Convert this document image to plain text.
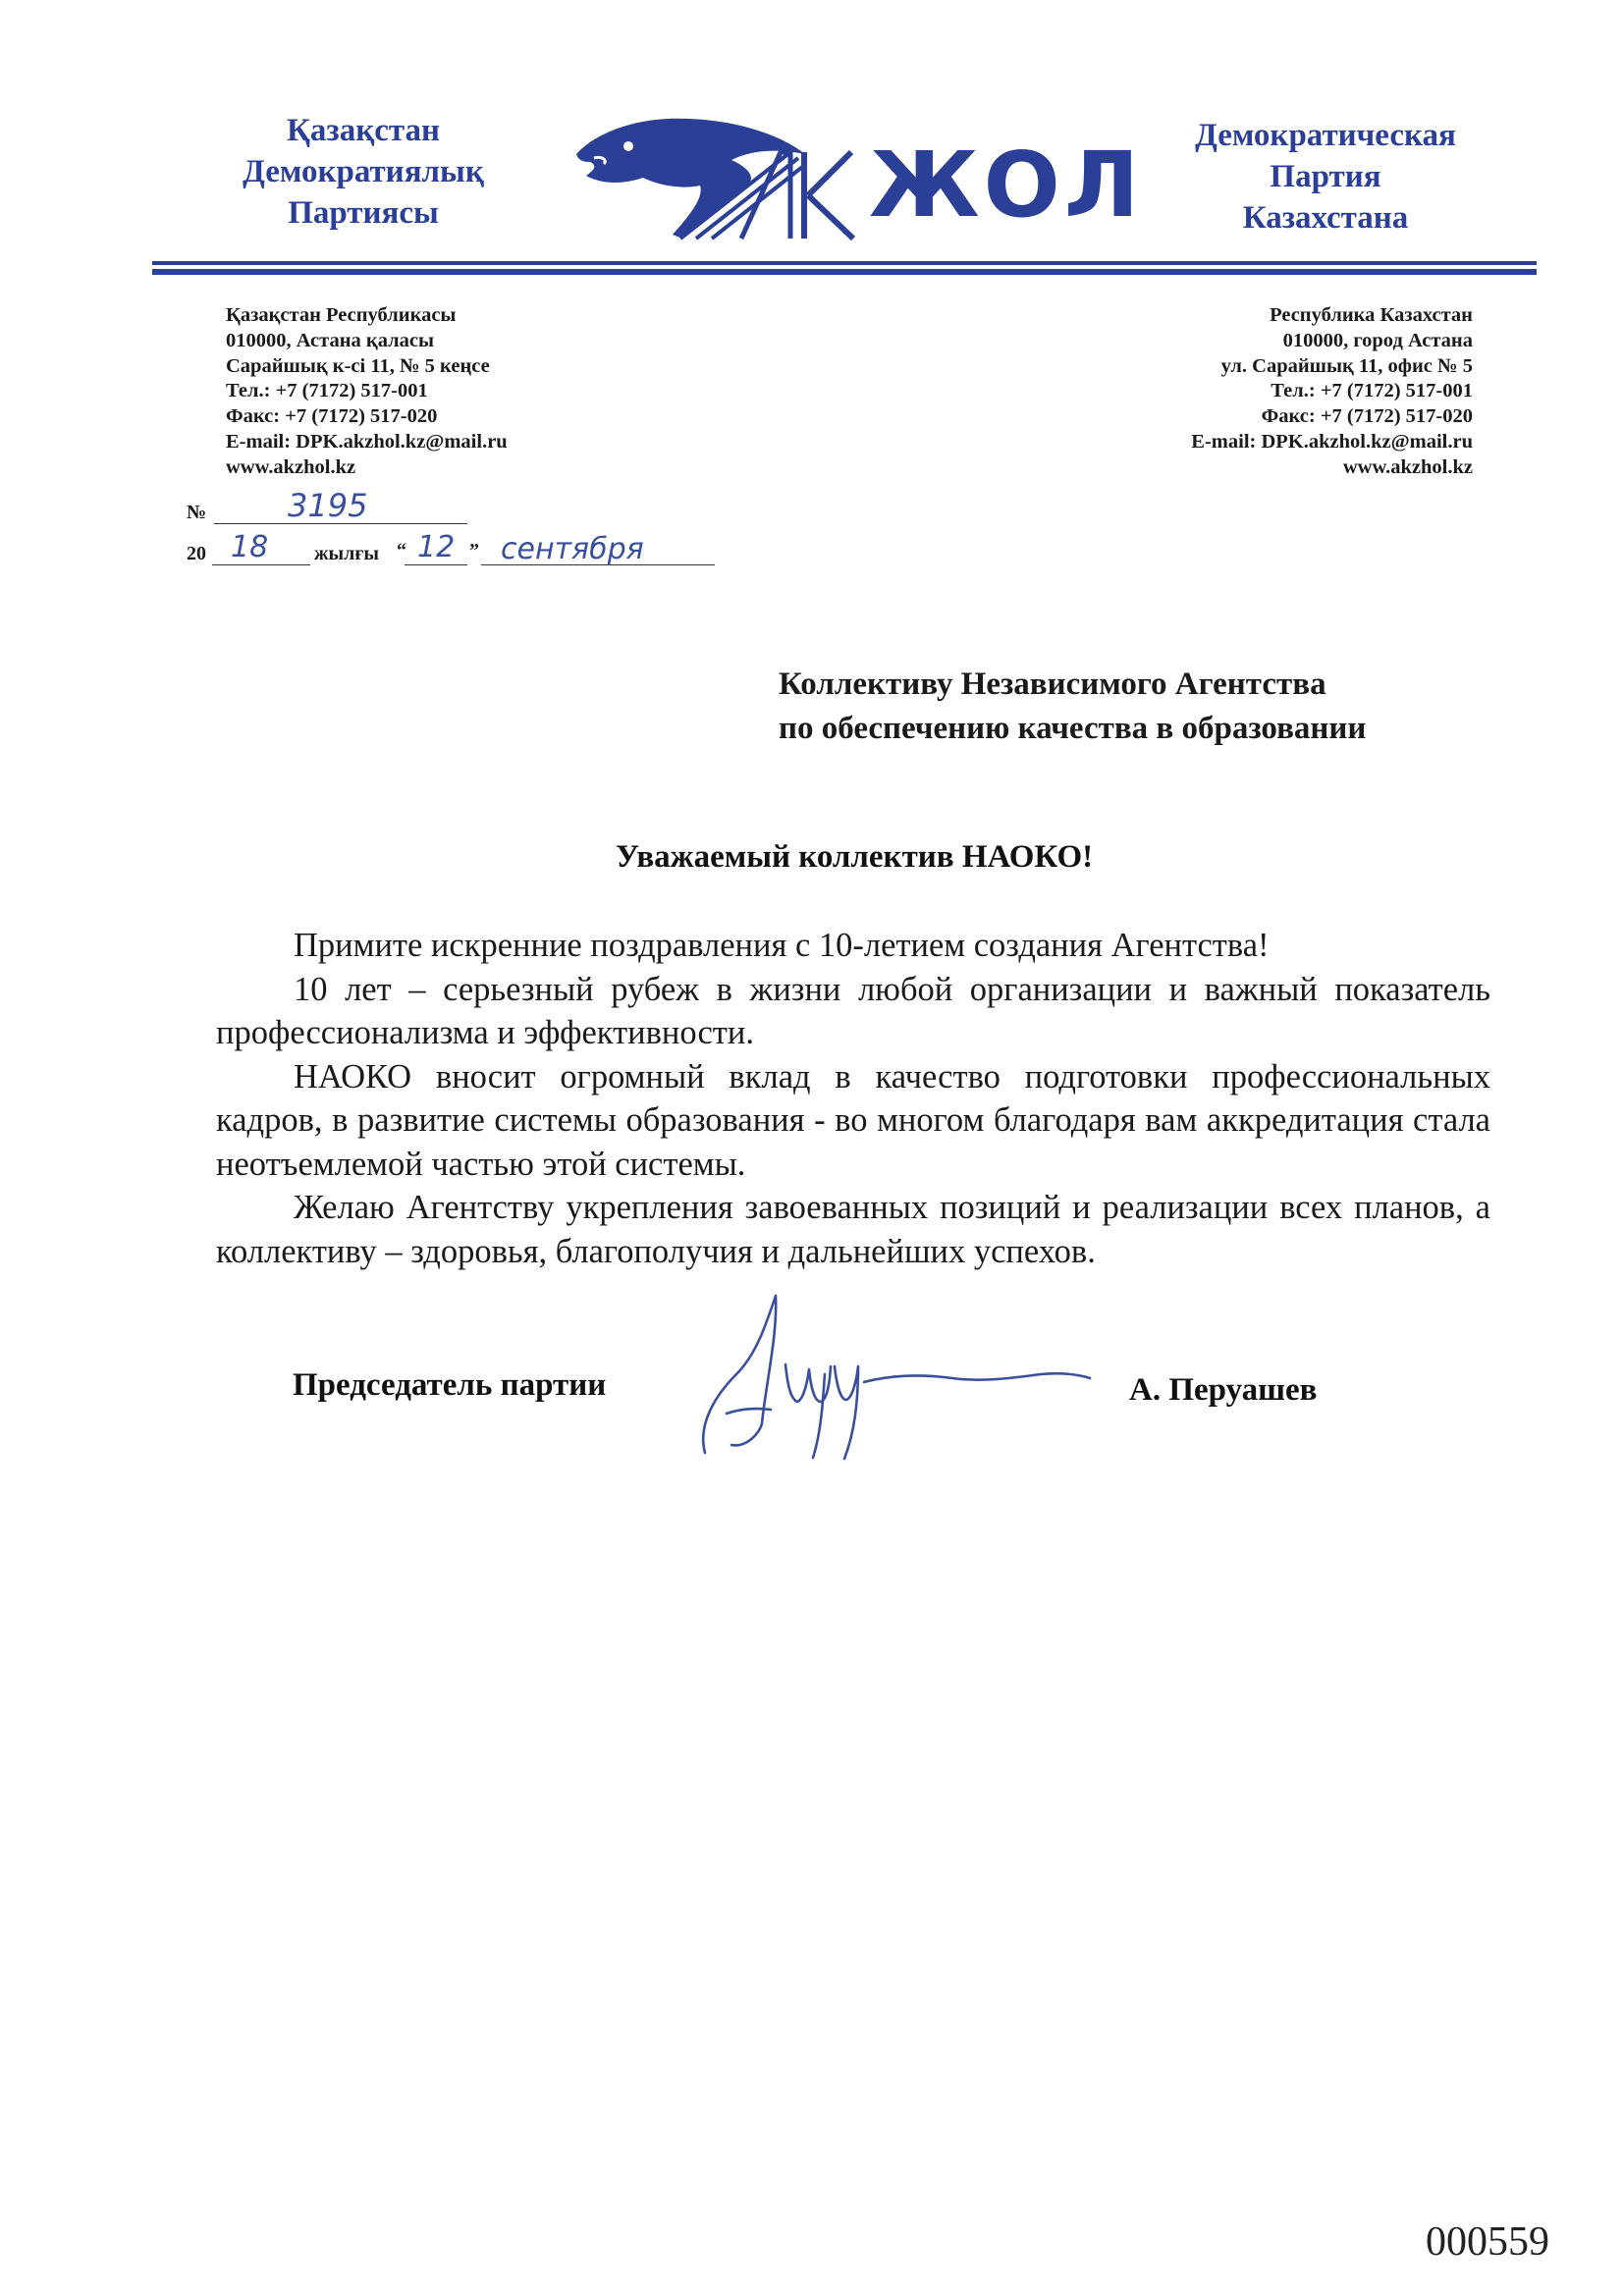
Қазақстан
Демократиялық
Партиясы	ЖОЛ	Демократическая
Партия
Казахстана
Қазақстан Республикасы
010000, Астана қаласы
Сарайшық к-сі 11, № 5 кеңсе
Тел.: +7 (7172) 517-001
Факс: +7 (7172) 517-020
E-mail: DPK.akzhol.kz@mail.ru
www.akzhol.kz
Республика Казахстан
010000, город Астана
ул. Сарайшық 11, офис № 5
Тел.: +7 (7172) 517-001
Факс: +7 (7172) 517-020
E-mail: DPK.akzhol.kz@mail.ru
www.akzhol.kz
№	3195
20 18 жылғы “ 12 ” сентября
Коллективу Независимого Агентства
по обеспечению качества в образовании
Уважаемый коллектив НАОКО!

Примите искренние поздравления с 10-летием создания Агентства!

10 лет – серьезный рубеж в жизни любой организации и важный показатель профессионализма и эффективности.

НАОКО вносит огромный вклад в качество подготовки профессиональных кадров, в развитие системы образования - во многом благодаря вам аккредитация стала неотъемлемой частью этой системы.

Желаю Агентству укрепления завоеванных позиций и реализации всех планов, а коллективу – здоровья, благополучия и дальнейших успехов.

Председатель партии	А. Перуашев
000559
